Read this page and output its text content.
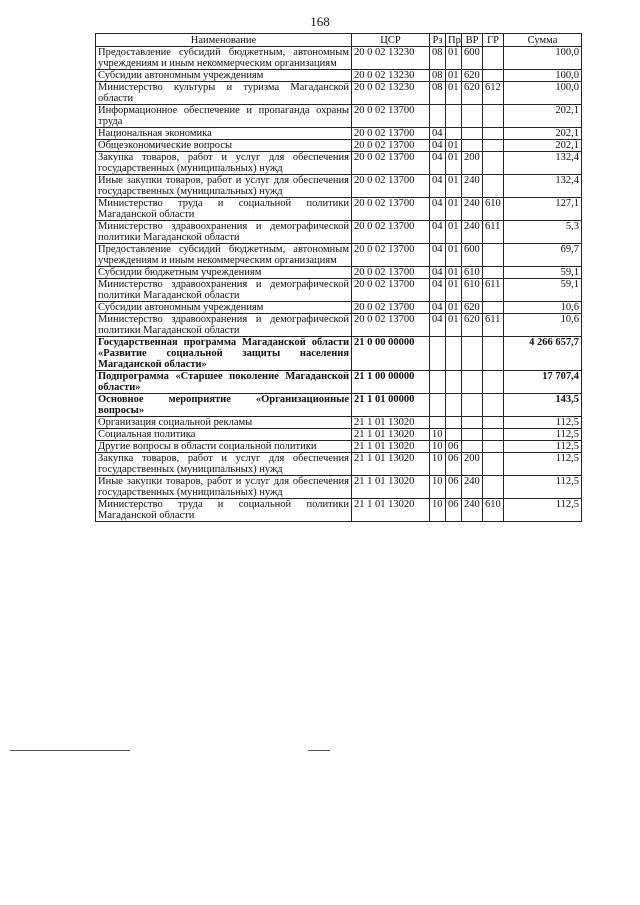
168
Наименование	ЦСР	Рз	Пр	ВР	ГР	Сумма
Предоставление субсидий бюджетным, автономным учреждениям и иным некоммерческим организациям	20 0 02 13230	08	01	600		100,0
Субсидии автономным учреждениям	20 0 02 13230	08	01	620		100,0
Министерство культуры и туризма Магаданской области	20 0 02 13230	08	01	620	612	100,0
Информационное обеспечение и пропаганда охраны труда	20 0 02 13700					202,1
Национальная экономика	20 0 02 13700	04				202,1
Общеэкономические вопросы	20 0 02 13700	04	01			202,1
Закупка товаров, работ и услуг для обеспечения государственных (муниципальных) нужд	20 0 02 13700	04	01	200		132,4
Иные закупки товаров, работ и услуг для обеспечения государственных (муниципальных) нужд	20 0 02 13700	04	01	240		132,4
Министерство труда и социальной политики Магаданской области	20 0 02 13700	04	01	240	610	127,1
Министерство здравоохранения и демографической политики Магаданской области	20 0 02 13700	04	01	240	611	5,3
Предоставление субсидий бюджетным, автономным учреждениям и иным некоммерческим организациям	20 0 02 13700	04	01	600		69,7
Субсидии бюджетным учреждениям	20 0 02 13700	04	01	610		59,1
Министерство здравоохранения и демографической политики Магаданской области	20 0 02 13700	04	01	610	611	59,1
Субсидии автономным учреждениям	20 0 02 13700	04	01	620		10,6
Министерство здравоохранения и демографической политики Магаданской области	20 0 02 13700	04	01	620	611	10,6
Государственная программа Магаданской области «Развитие социальной защиты населения Магаданской области»	21 0 00 00000					4 266 657,7
Подпрограмма «Старшее поколение Магаданской области»	21 1 00 00000					17 707,4
Основное мероприятие «Организационные вопросы»	21 1 01 00000					143,5
Организация социальной рекламы	21 1 01 13020					112,5
Социальная политика	21 1 01 13020	10				112,5
Другие вопросы в области социальной политики	21 1 01 13020	10	06			112,5
Закупка товаров, работ и услуг для обеспечения государственных (муниципальных) нужд	21 1 01 13020	10	06	200		112,5
Иные закупки товаров, работ и услуг для обеспечения государственных (муниципальных) нужд	21 1 01 13020	10	06	240		112,5
Министерство труда и социальной политики Магаданской области	21 1 01 13020	10	06	240	610	112,5
